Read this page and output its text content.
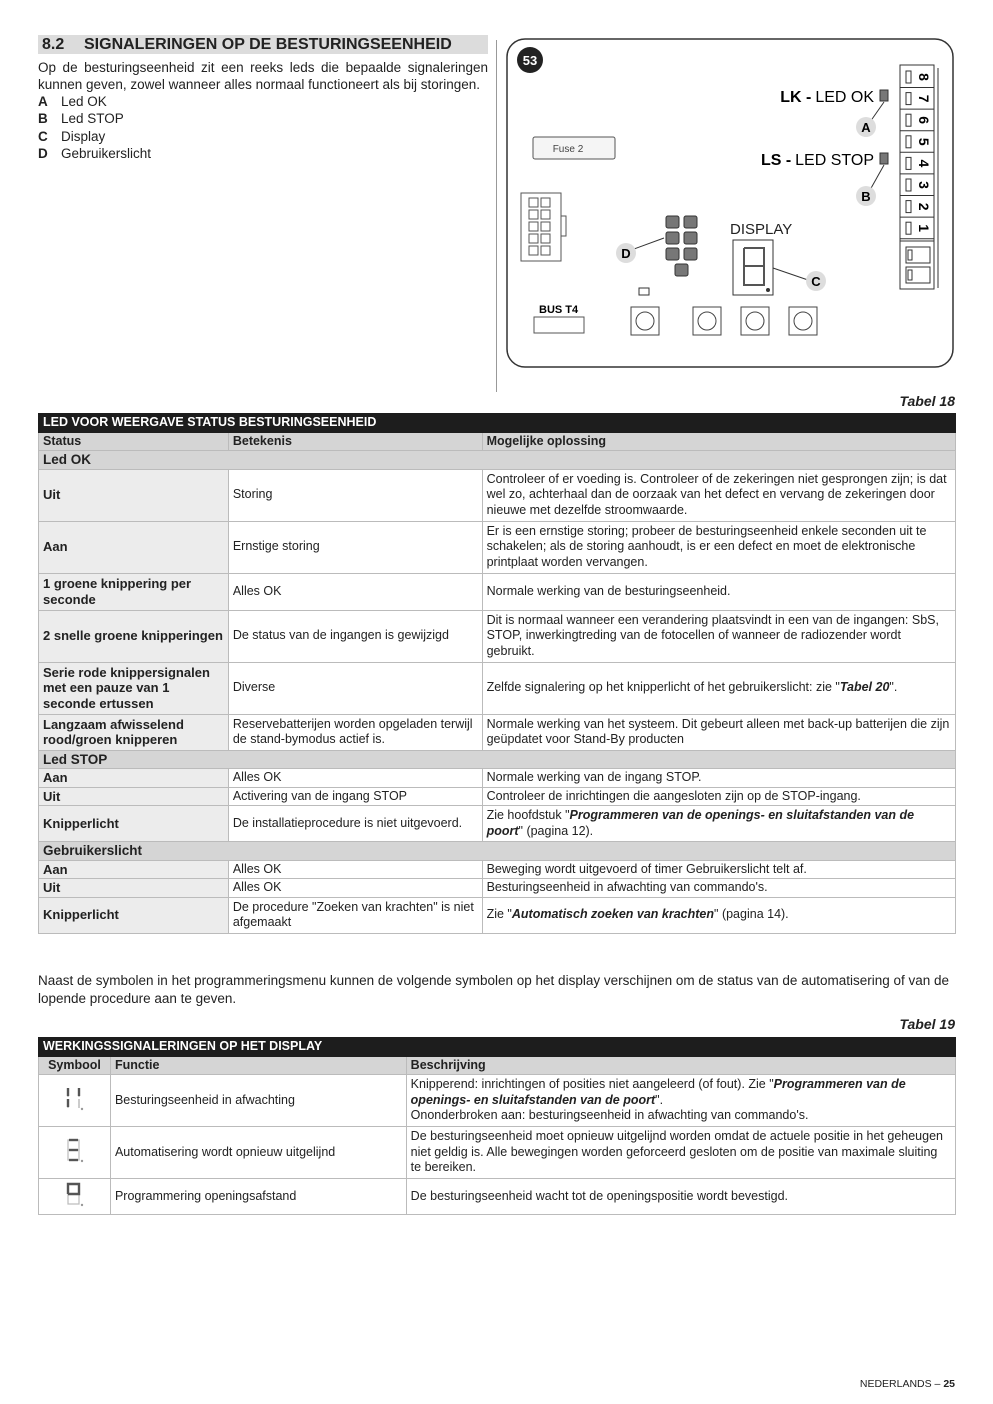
8.2 SIGNALERINGEN OP DE BESTURINGSEENHEID
Op de besturingseenheid zit een reeks leds die bepaalde signaleringen kunnen geven, zowel wanneer alles normaal functioneert als bij storingen.
A Led OK
B Led STOP
C Display
D Gebruikerslicht
53
Fuse 2
D
DISPLAY
C
BUS T4
LK - LED OK
A
LS - LED STOP
B
8
7
6
5
4
3
2
1
Tabel 18
LED VOOR WEERGAVE STATUS BESTURINGSEENHEID		
Status	Betekenis	Mogelijke oplossing
Led OK		
Uit	Storing	Controleer of er voeding is. Controleer of de zekeringen niet gesprongen zijn; is dat wel zo, achterhaal dan de oorzaak van het defect en vervang de zekeringen door nieuwe met dezelfde stroomwaarde.
Aan	Ernstige storing	Er is een ernstige storing; probeer de besturingseenheid enkele seconden uit te schakelen; als de storing aanhoudt, is er een defect en moet de elektronische printplaat worden vervangen.
1 groene knippering per seconde	Alles OK	Normale werking van de besturingseenheid.
2 snelle groene knipperingen	De status van de ingangen is gewijzigd	Dit is normaal wanneer een verandering plaatsvindt in een van de ingangen: SbS, STOP, inwerkingtreding van de fotocellen of wanneer de radiozender wordt gebruikt.
Serie rode knippersignalen met een pauze van 1 seconde ertussen	Diverse	Zelfde signalering op het knipperlicht of het gebruikerslicht: zie "Tabel 20".
Langzaam afwisselend rood/groen knipperen	Reservebatterijen worden opgeladen terwijl de stand-bymodus actief is.	Normale werking van het systeem. Dit gebeurt alleen met back-up batterijen die zijn geüpdatet voor Stand-By producten
Led STOP		
Aan	Alles OK	Normale werking van de ingang STOP.
Uit	Activering van de ingang STOP	Controleer de inrichtingen die aangesloten zijn op de STOP-ingang.
Knipperlicht	De installatieprocedure is niet uitgevoerd.	Zie hoofdstuk "Programmeren van de openings- en sluitafstanden van de poort" (pagina 12).
Gebruikerslicht		
Aan	Alles OK	Beweging wordt uitgevoerd of timer Gebruikerslicht telt af.
Uit	Alles OK	Besturingseenheid in afwachting van commando's.
Knipperlicht	De procedure "Zoeken van krachten" is niet afgemaakt	Zie "Automatisch zoeken van krachten" (pagina 14).
Naast de symbolen in het programmeringsmenu kunnen de volgende symbolen op het display verschijnen om de status van de automatisering of van de lopende procedure aan te geven.
Tabel 19
WERKINGSSIGNALERINGEN OP HET DISPLAY		
Symbool	Functie	Beschrijving
	Besturingseenheid in afwachting	Knipperend: inrichtingen of posities niet aangeleerd (of fout). Zie "Programmeren van de openings- en sluitafstanden van de poort".
Ononderbroken aan: besturingseenheid in afwachting van commando's.
	Automatisering wordt opnieuw uitgelijnd	De besturingseenheid moet opnieuw uitgelijnd worden omdat de actuele positie in het geheugen niet geldig is. Alle bewegingen worden geforceerd gesloten om de positie van maximale sluiting te bereiken.
	Programmering openingsafstand	De besturingseenheid wacht tot de openingspositie wordt bevestigd.
NEDERLANDS – 25
